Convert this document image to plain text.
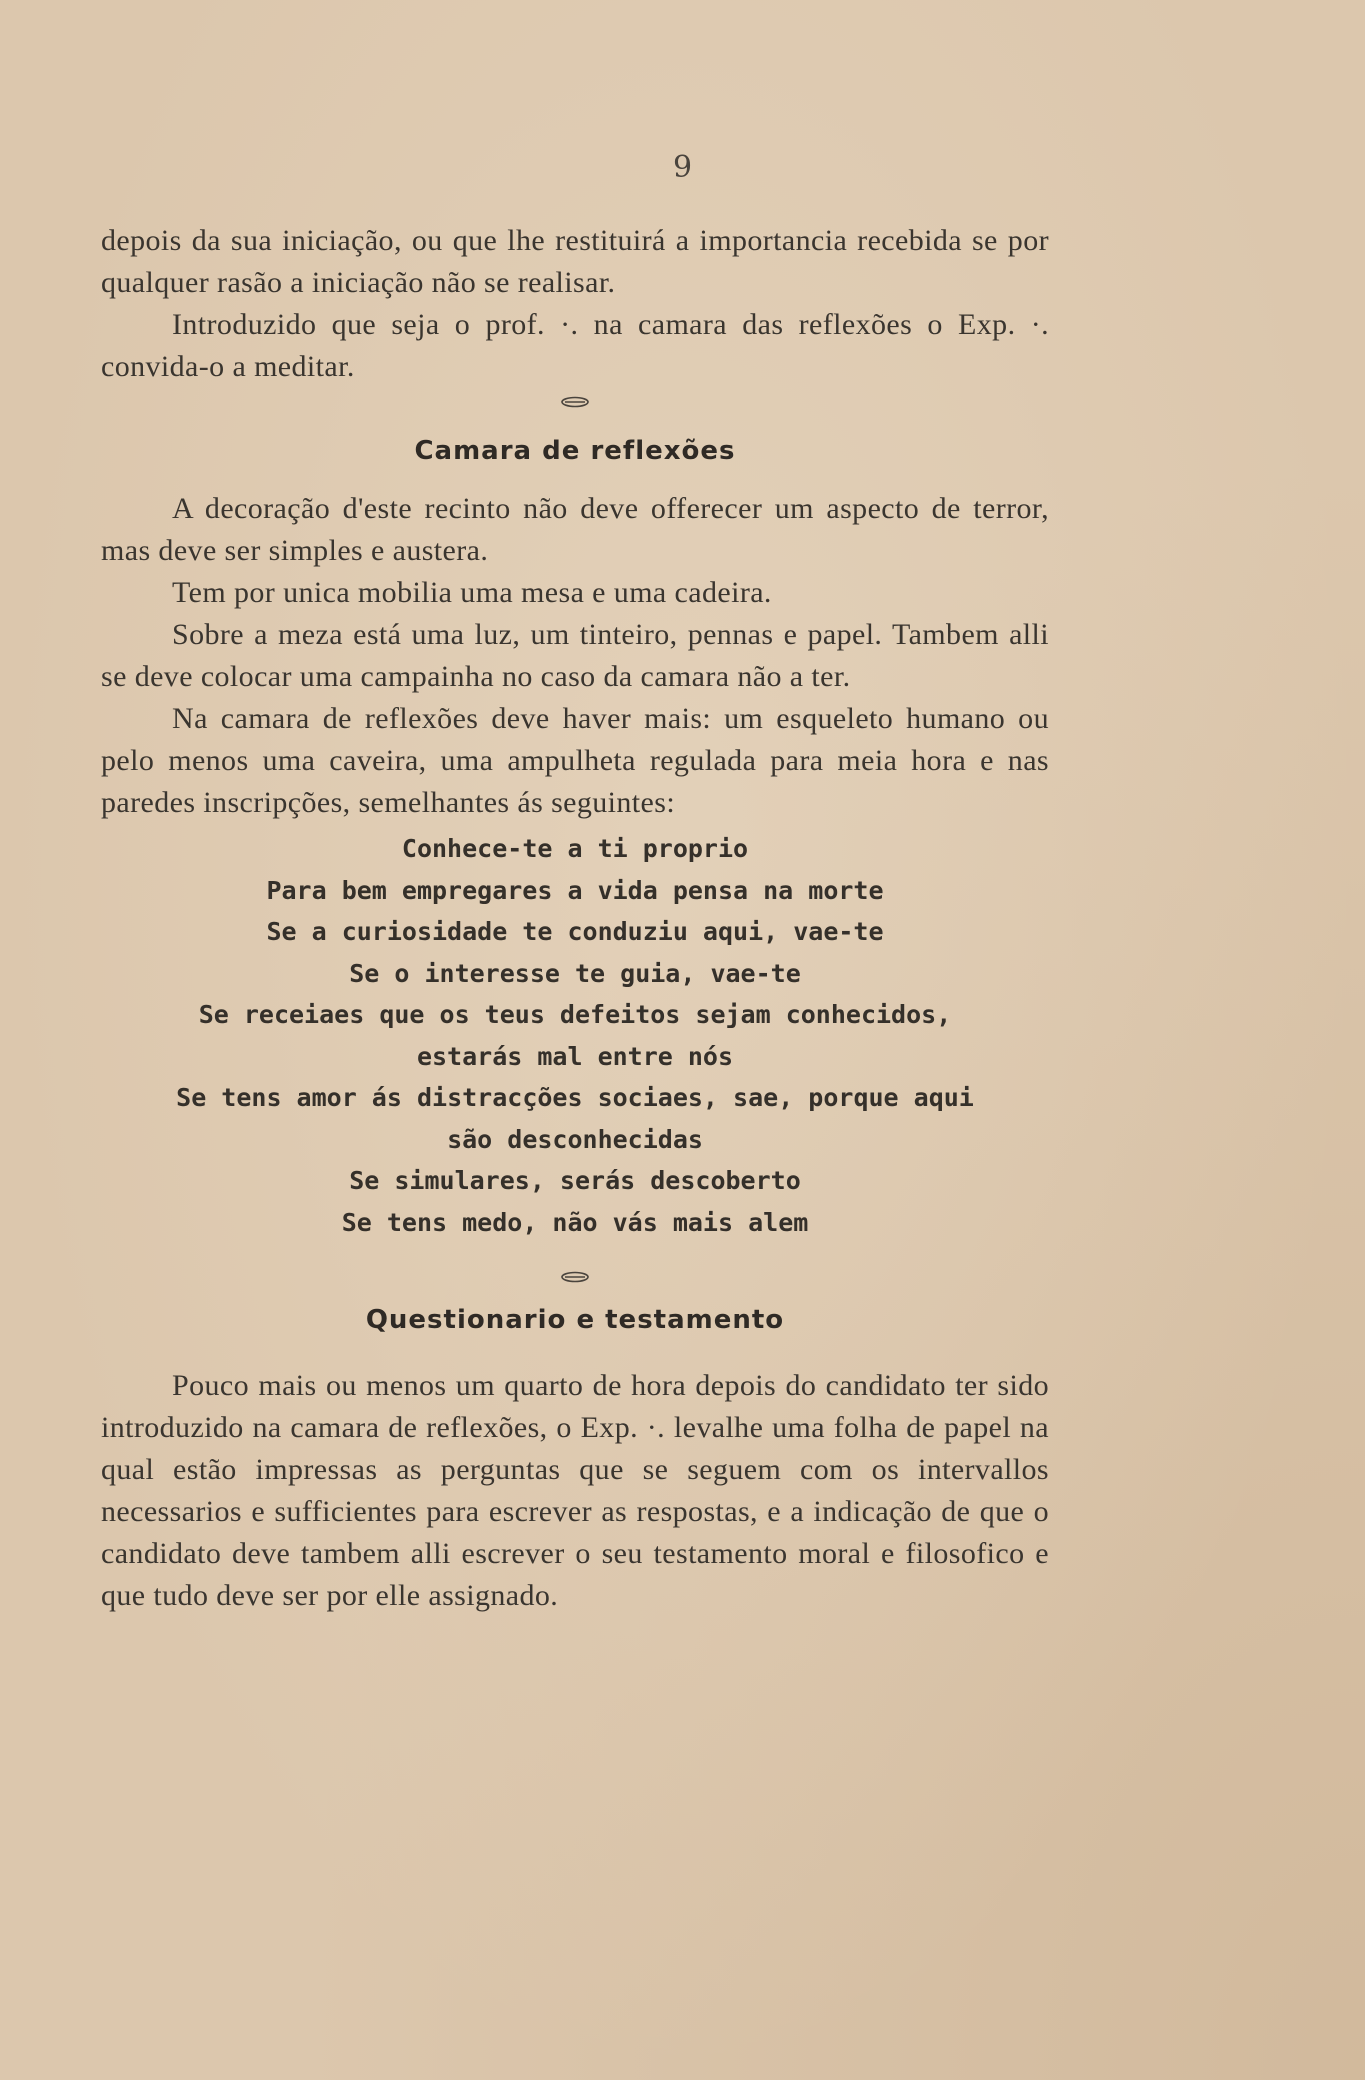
9

depois da sua iniciação, ou que lhe restituirá a importancia recebida se por qualquer rasão a iniciação não se realisar.

Introduzido que seja o prof. ·. na camara das reflexões o Exp. ·. convida-o a meditar.

Camara de reflexões

A decoração d'este recinto não deve offerecer um aspecto de terror, mas deve ser simples e austera.

Tem por unica mobilia uma mesa e uma cadeira.

Sobre a meza está uma luz, um tinteiro, pennas e papel. Tambem alli se deve colocar uma campainha no caso da camara não a ter.

Na camara de reflexões deve haver mais: um esqueleto humano ou pelo menos uma caveira, uma ampulheta regulada para meia hora e nas paredes inscripções, semelhantes ás seguintes:

Conhece-te a ti proprio
Para bem empregares a vida pensa na morte
Se a curiosidade te conduziu aqui, vae-te
Se o interesse te guia, vae-te
Se receiaes que os teus defeitos sejam conhecidos,
estarás mal entre nós
Se tens amor ás distracções sociaes, sae, porque aqui
são desconhecidas
Se simulares, serás descoberto
Se tens medo, não vás mais alem
Questionario e testamento

Pouco mais ou menos um quarto de hora depois do candidato ter sido introduzido na camara de reflexões, o Exp. ·. levalhe uma folha de papel na qual estão impressas as perguntas que se seguem com os intervallos necessarios e sufficientes para escrever as respostas, e a indicação de que o candidato deve tambem alli escrever o seu testamento moral e filosofico e que tudo deve ser por elle assignado.
